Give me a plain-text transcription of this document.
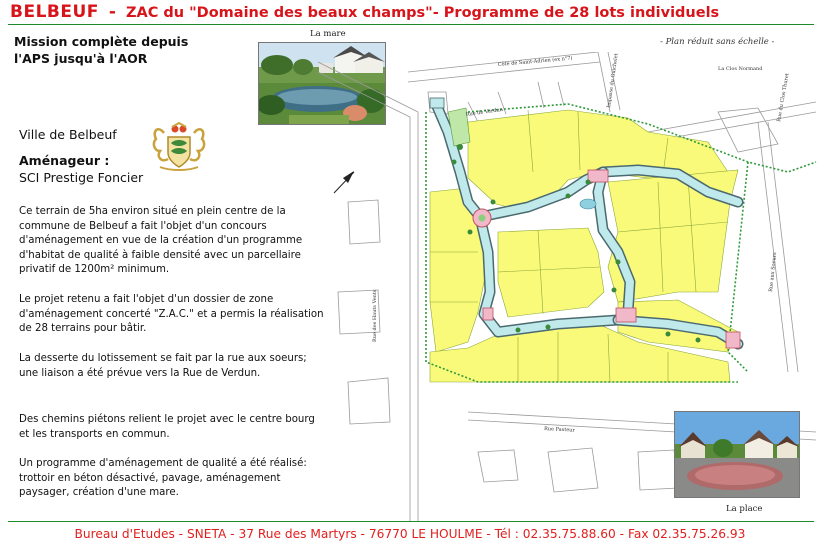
BELBEUF - ZAC du "Domaine des beaux champs"- Programme de 28 lots individuels
Mission complète depuis
l'APS jusqu'à l'AOR
La mare
- Plan réduit sans échelle -
Ville de Belbeuf
Aménageur :
SCI Prestige Foncier
Ce terrain de 5ha environ situé en plein centre de la commune de Belbeuf a fait l'objet d'un concours d'aménagement en vue de la création d'un programme d'habitat de qualité à faible densité avec un parcellaire privatif de 1200m² minimum.
Le projet retenu a fait l'objet d'un dossier de zone d'aménagement concerté "Z.A.C." et a permis la réalisation de 28 terrains pour bâtir.
La desserte du lotissement se fait par la rue aux soeurs; une liaison a été prévue vers la Rue de Verdun.
Des chemins piétons relient le projet avec le centre bourg et les transports en commun.
Un programme d'aménagement de qualité a été réalisé: trottoir en béton désactivé, pavage, aménagement paysager, création d'une mare.
Côte de Saint-Adrien (ex n°7)
Rue de Verdun
Impasse du Guichelet	La Clos Normand
Rue du Clos Thuret
Rue aux Soeurs
Rue des Hauts Vents
Rue Pasteur
La place
Bureau d'Etudes - SNETA - 37 Rue des Martyrs - 76770 LE HOULME - Tél : 02.35.75.88.60 - Fax 02.35.75.26.93
